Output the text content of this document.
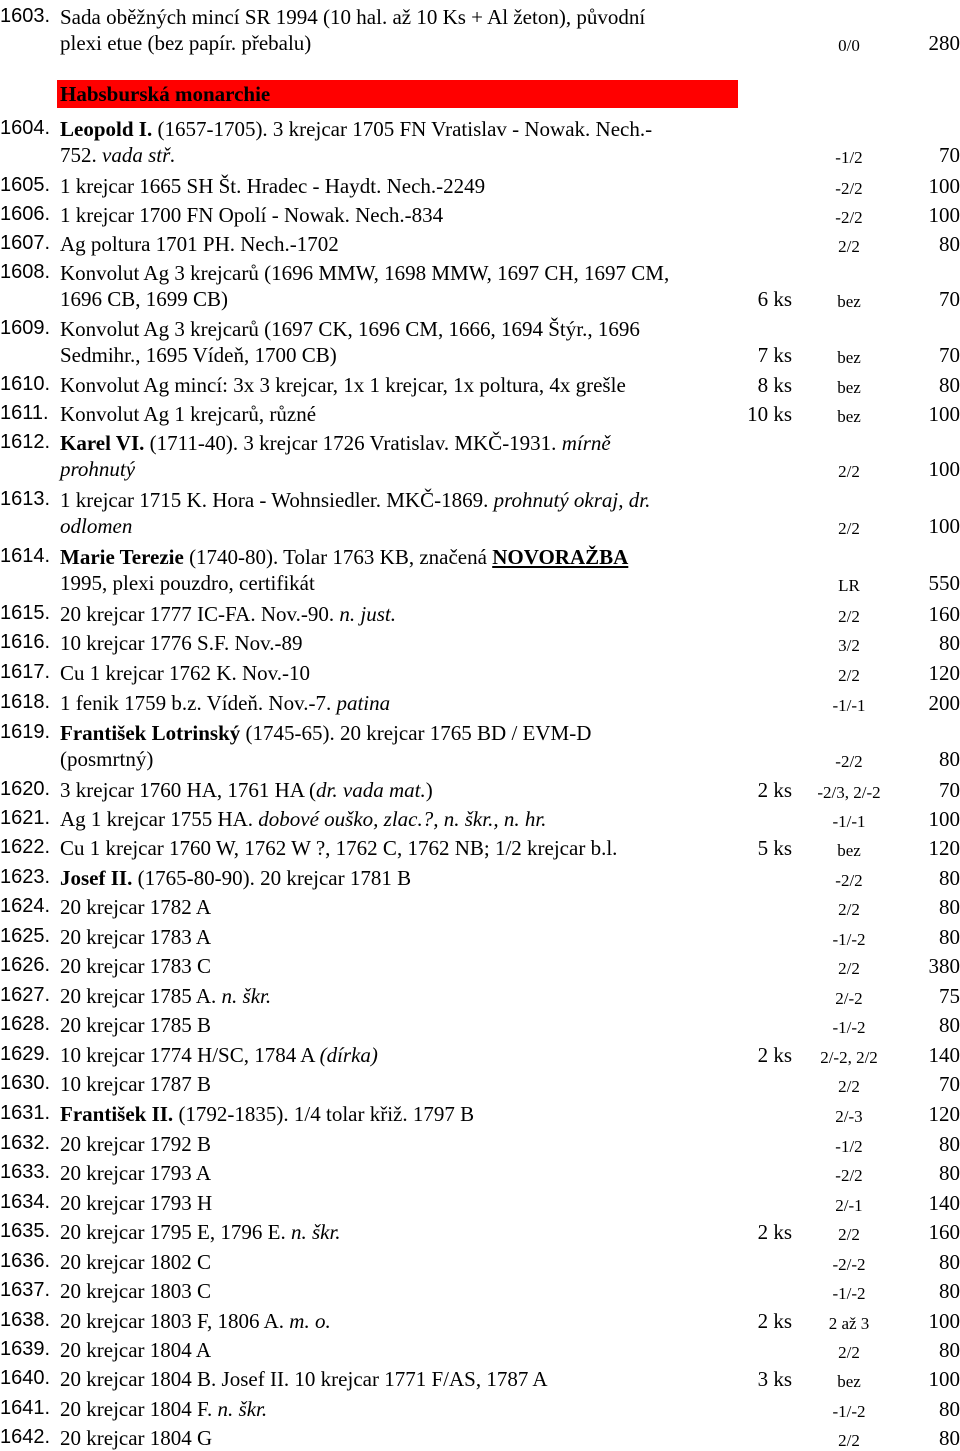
Habsburská monarchie
1603. Sada oběžných mincí SR 1994 (10 hal. až 10 Ks + Al žeton), původní
plexi etue (bez papír. přebalu)	0/0	280
1604. Leopold I. (1657-1705). 3 krejcar 1705 FN Vratislav - Nowak. Nech.-
752. vada stř.	-1/2	70
1605. 1 krejcar 1665 SH Št. Hradec - Haydt. Nech.-2249	-2/2	100
1606. 1 krejcar 1700 FN Opolí - Nowak. Nech.-834	-2/2	100
1607. Ag poltura 1701 PH. Nech.-1702	2/2	80
1608. Konvolut Ag 3 krejcarů (1696 MMW, 1698 MMW, 1697 CH, 1697 CM,
1696 CB, 1699 CB)	6 ks	bez	70
1609. Konvolut Ag 3 krejcarů (1697 CK, 1696 CM, 1666, 1694 Štýr., 1696
Sedmihr., 1695 Vídeň, 1700 CB)	7 ks	bez	70
1610. Konvolut Ag mincí: 3x 3 krejcar, 1x 1 krejcar, 1x poltura, 4x grešle	8 ks	bez	80
1611. Konvolut Ag 1 krejcarů, různé	10 ks	bez	100
1612. Karel VI. (1711-40). 3 krejcar 1726 Vratislav. MKČ-1931. mírně
prohnutý	2/2	100
1613. 1 krejcar 1715 K. Hora - Wohnsiedler. MKČ-1869. prohnutý okraj, dr.
odlomen	2/2	100
1614. Marie Terezie (1740-80). Tolar 1763 KB, značená NOVORAŽBA
1995, plexi pouzdro, certifikát	LR	550
1615. 20 krejcar 1777 IC-FA. Nov.-90. n. just.	2/2	160
1616. 10 krejcar 1776 S.F. Nov.-89	3/2	80
1617. Cu 1 krejcar 1762 K. Nov.-10	2/2	120
1618. 1 fenik 1759 b.z. Vídeň. Nov.-7. patina	-1/-1	200
1619. František Lotrinský (1745-65). 20 krejcar 1765 BD / EVM-D
(posmrtný)	-2/2	80
1620. 3 krejcar 1760 HA, 1761 HA (dr. vada mat.)	2 ks	-2/3, 2/-2	70
1621. Ag 1 krejcar 1755 HA. dobové ouško, zlac.?, n. škr., n. hr.	-1/-1	100
1622. Cu 1 krejcar 1760 W, 1762 W ?, 1762 C, 1762 NB; 1/2 krejcar b.l.	5 ks	bez	120
1623. Josef II. (1765-80-90). 20 krejcar 1781 B	-2/2	80
1624. 20 krejcar 1782 A	2/2	80
1625. 20 krejcar 1783 A	-1/-2	80
1626. 20 krejcar 1783 C	2/2	380
1627. 20 krejcar 1785 A. n. škr.	2/-2	75
1628. 20 krejcar 1785 B	-1/-2	80
1629. 10 krejcar 1774 H/SC, 1784 A (dírka)	2 ks	2/-2, 2/2	140
1630. 10 krejcar 1787 B	2/2	70
1631. František II. (1792-1835). 1/4 tolar křiž. 1797 B	2/-3	120
1632. 20 krejcar 1792 B	-1/2	80
1633. 20 krejcar 1793 A	-2/2	80
1634. 20 krejcar 1793 H	2/-1	140
1635. 20 krejcar 1795 E, 1796 E. n. škr.	2 ks	2/2	160
1636. 20 krejcar 1802 C	-2/-2	80
1637. 20 krejcar 1803 C	-1/-2	80
1638. 20 krejcar 1803 F, 1806 A. m. o.	2 ks	2 až 3	100
1639. 20 krejcar 1804 A	2/2	80
1640. 20 krejcar 1804 B. Josef II. 10 krejcar 1771 F/AS, 1787 A	3 ks	bez	100
1641. 20 krejcar 1804 F. n. škr.	-1/-2	80
1642. 20 krejcar 1804 G	2/2	80
